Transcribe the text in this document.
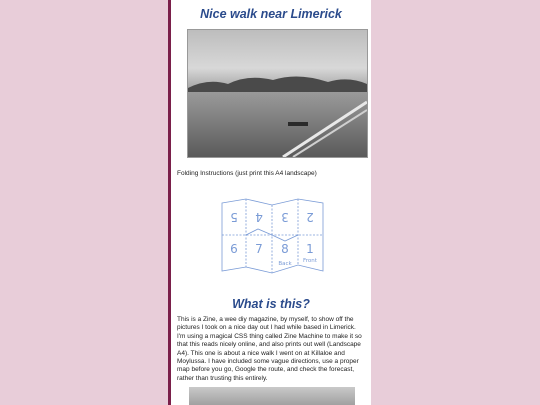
Nice walk near Limerick

Folding Instructions (just print this A4 landscape)

5 4 3 2
6 7 8 1
Back Front
What is this?

This is a Zine, a wee diy magazine, by myself, to show off the pictures I took on a nice day out I had while based in Limerick. I'm using a magical CSS thing called Zine Machine to make it so that this reads nicely online, and also prints out well (Landscape A4). This one is about a nice walk I went on at Killaloe and Moylussa. I have included some vague directions, use a proper map before you go, Google the route, and check the forecast, rather than trusting this entirely.
